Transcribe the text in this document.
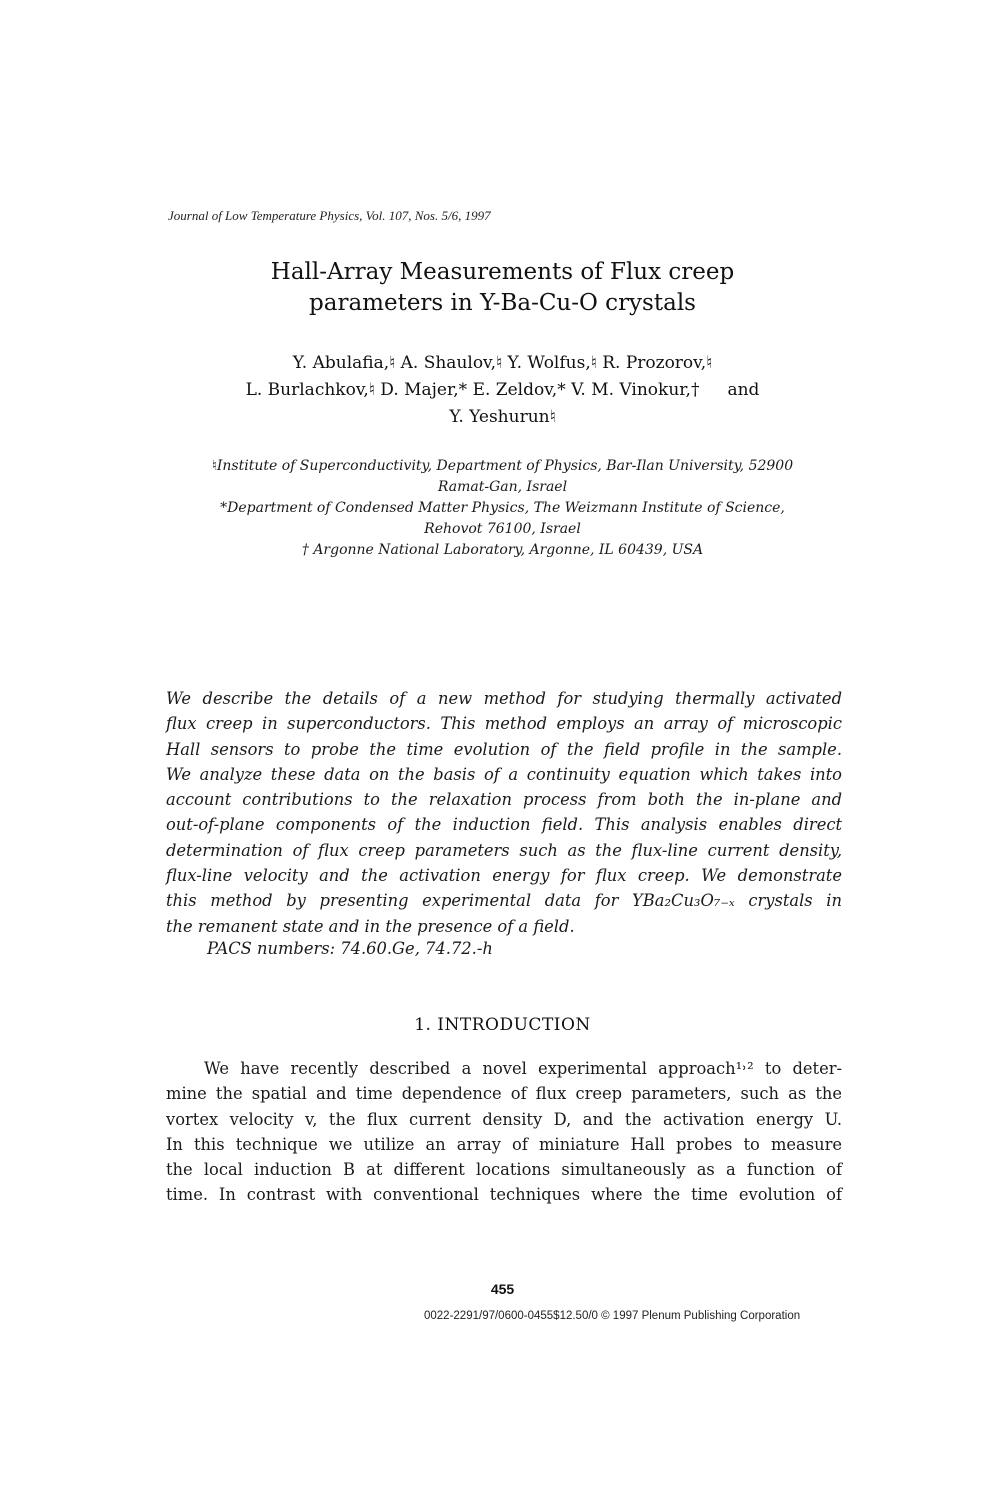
Journal of Low Temperature Physics, Vol. 107, Nos. 5/6, 1997
Hall-Array Measurements of Flux creep
parameters in Y-Ba-Cu-O crystals
Y. Abulafia,♮ A. Shaulov,♮ Y. Wolfus,♮ R. Prozorov,♮
L. Burlachkov,♮ D. Majer,* E. Zeldov,* V. M. Vinokur,† and
Y. Yeshurun♮
♮Institute of Superconductivity, Department of Physics, Bar-Ilan University, 52900
Ramat-Gan, Israel
*Department of Condensed Matter Physics, The Weizmann Institute of Science,
Rehovot 76100, Israel
† Argonne National Laboratory, Argonne, IL 60439, USA
We describe the details of a new method for studying thermally activated
flux creep in superconductors. This method employs an array of microscopic
Hall sensors to probe the time evolution of the field profile in the sample.
We analyze these data on the basis of a continuity equation which takes into
account contributions to the relaxation process from both the in-plane and
out-of-plane components of the induction field. This analysis enables direct
determination of flux creep parameters such as the flux-line current density,
flux-line velocity and the activation energy for flux creep. We demonstrate
this method by presenting experimental data for YBa₂Cu₃O₇₋ₓ crystals in
the remanent state and in the presence of a field.
PACS numbers: 74.60.Ge, 74.72.-h
1. INTRODUCTION
We have recently described a novel experimental approach¹˒² to deter-
mine the spatial and time dependence of flux creep parameters, such as the
vortex velocity v, the flux current density D, and the activation energy U.
In this technique we utilize an array of miniature Hall probes to measure
the local induction B at different locations simultaneously as a function of
time. In contrast with conventional techniques where the time evolution of
455
0022-2291/97/0600-0455$12.50/0 © 1997 Plenum Publishing Corporation
